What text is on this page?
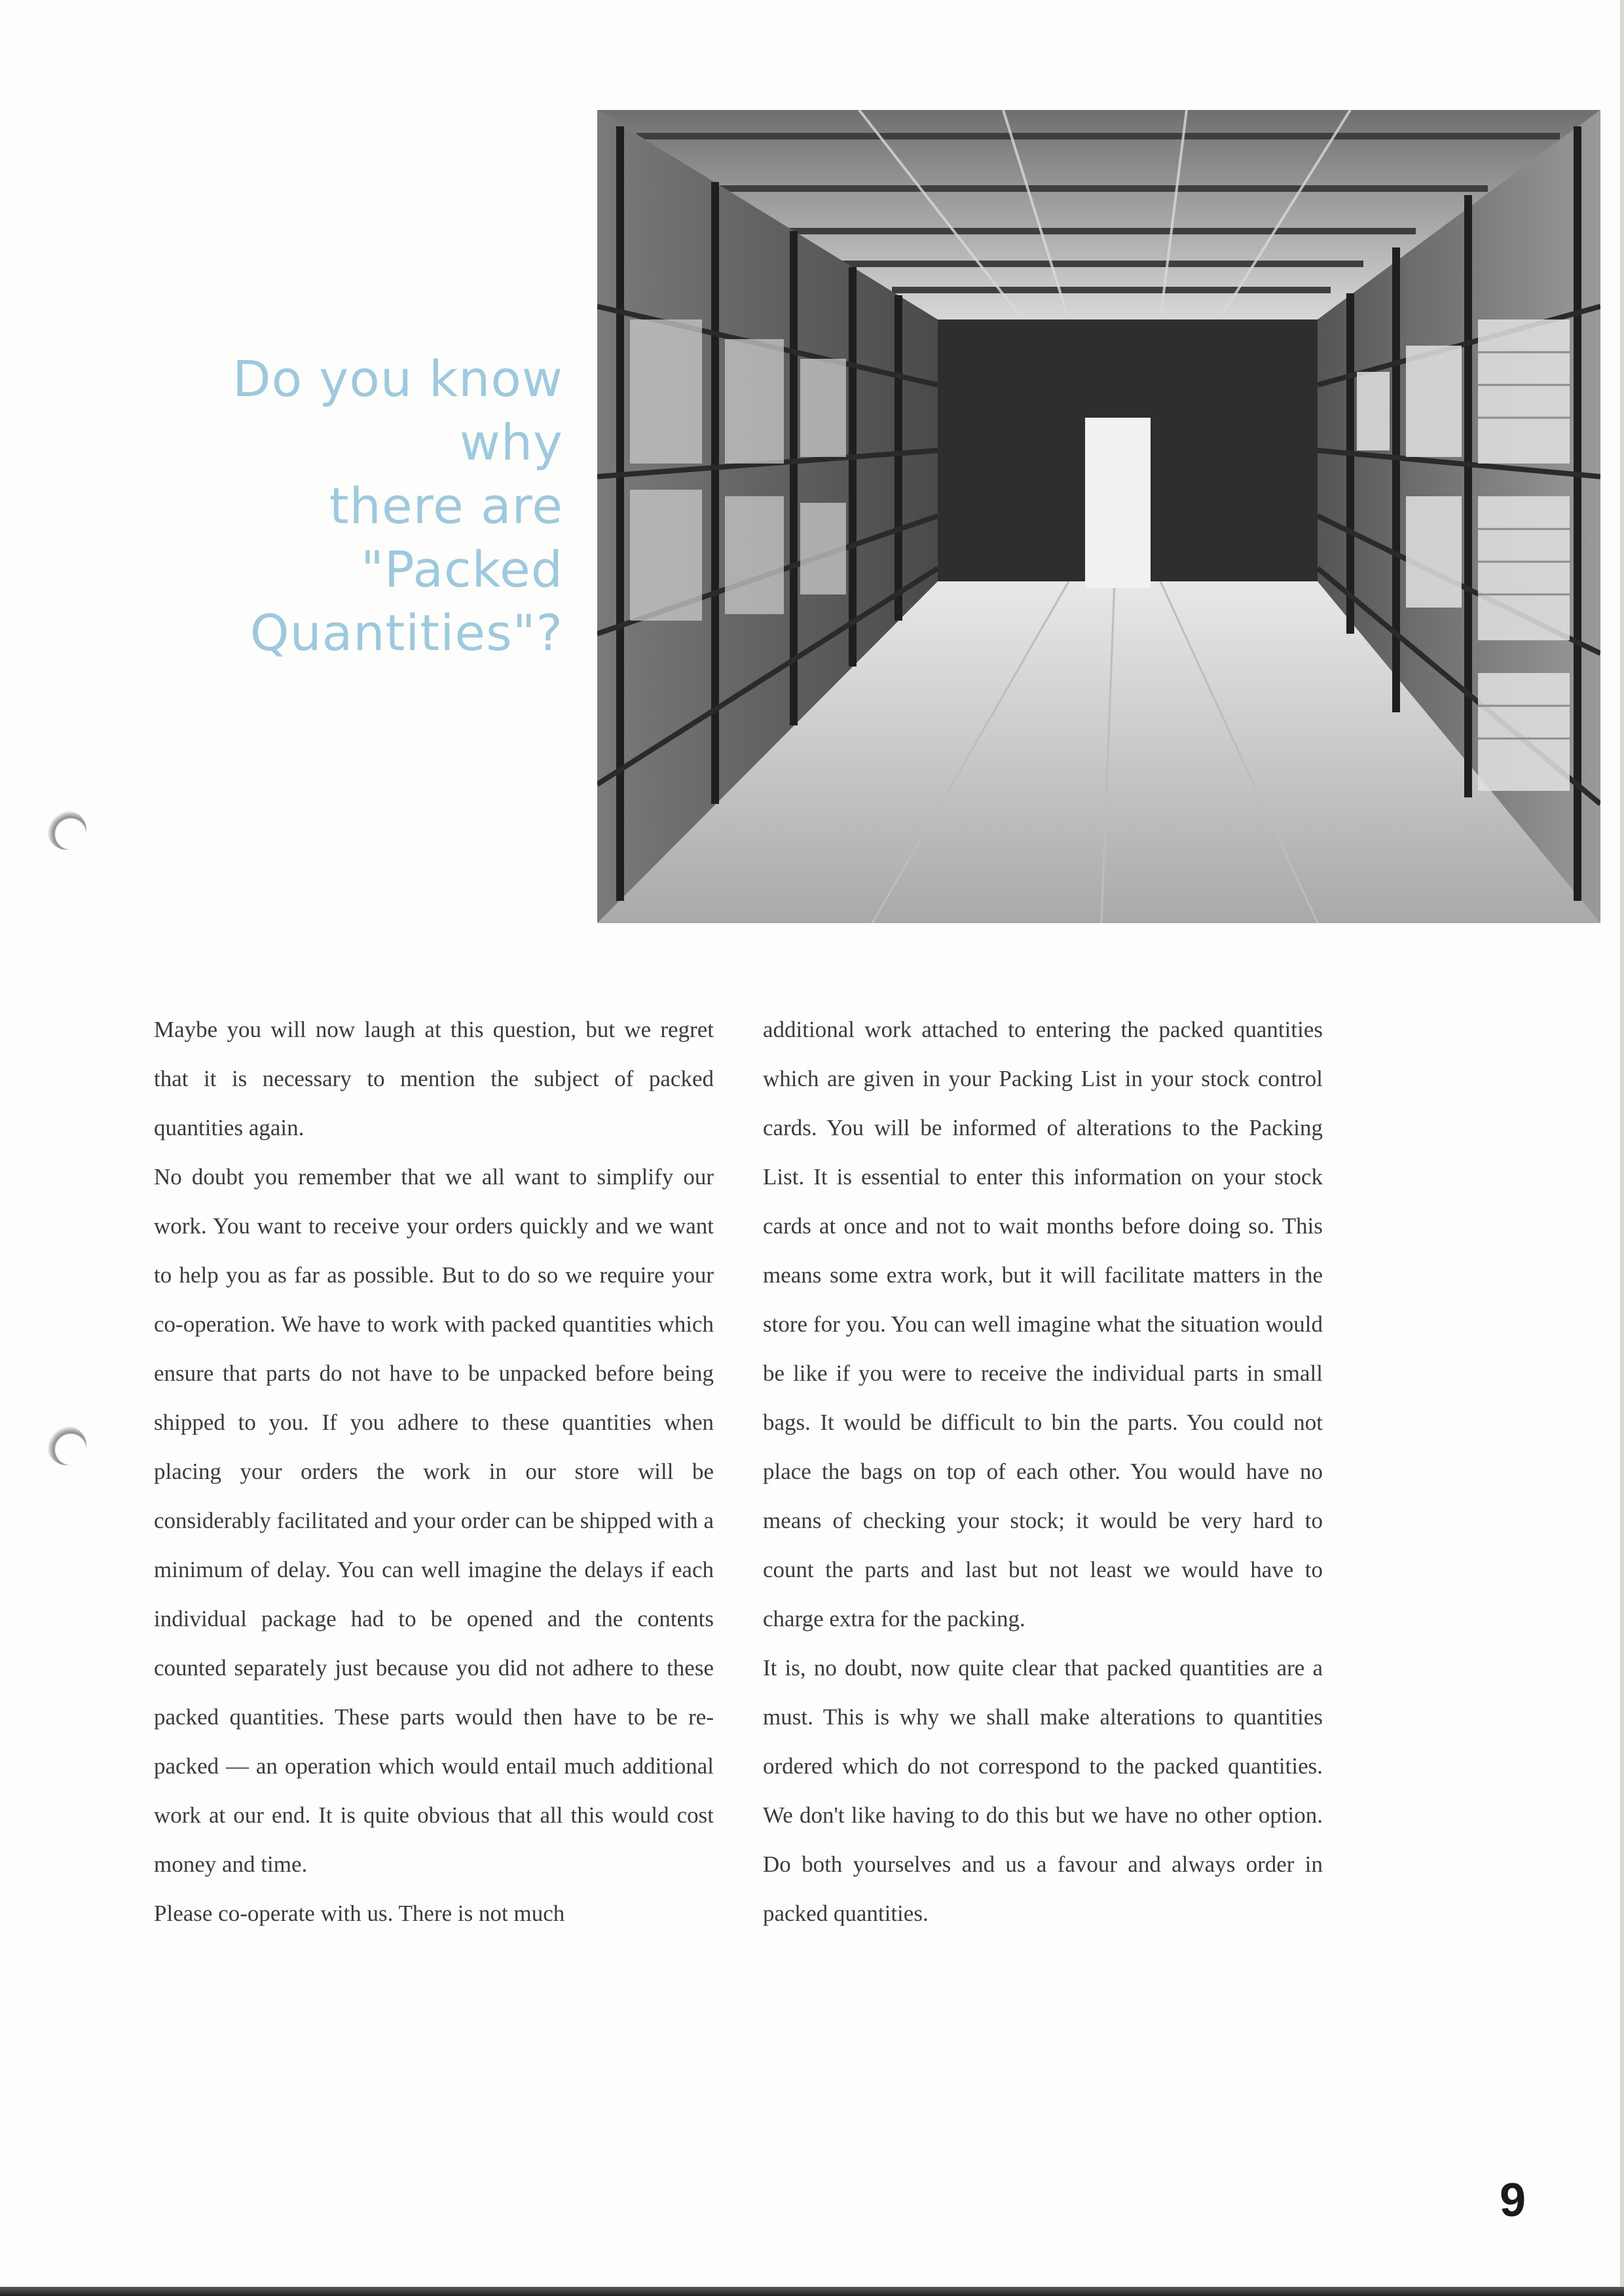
Do you know
why
there are
"Packed
Quantities"?

Maybe you will now laugh at this question, but we regret that it is necessary to mention the subject of packed quantities again.

No doubt you remember that we all want to simplify our work. You want to receive your orders quickly and we want to help you as far as possible. But to do so we require your co-operation. We have to work with packed quantities which ensure that parts do not have to be unpacked before being shipped to you. If you adhere to these quantities when placing your orders the work in our store will be considerably facilitated and your order can be shipped with a minimum of delay. You can well imagine the delays if each individual package had to be opened and the contents counted separately just because you did not adhere to these packed quantities. These parts would then have to be re-packed — an operation which would entail much additional work at our end. It is quite obvious that all this would cost money and time.

Please co-operate with us. There is not much

additional work attached to entering the packed quantities which are given in your Packing List in your stock control cards. You will be informed of alterations to the Packing List. It is essential to enter this information on your stock cards at once and not to wait months before doing so. This means some extra work, but it will facilitate matters in the store for you. You can well imagine what the situation would be like if you were to receive the individual parts in small bags. It would be difficult to bin the parts. You could not place the bags on top of each other. You would have no means of checking your stock; it would be very hard to count the parts and last but not least we would have to charge extra for the packing.

It is, no doubt, now quite clear that packed quantities are a must. This is why we shall make alterations to quantities ordered which do not correspond to the packed quantities. We don't like having to do this but we have no other option. Do both yourselves and us a favour and always order in packed quantities.

9
